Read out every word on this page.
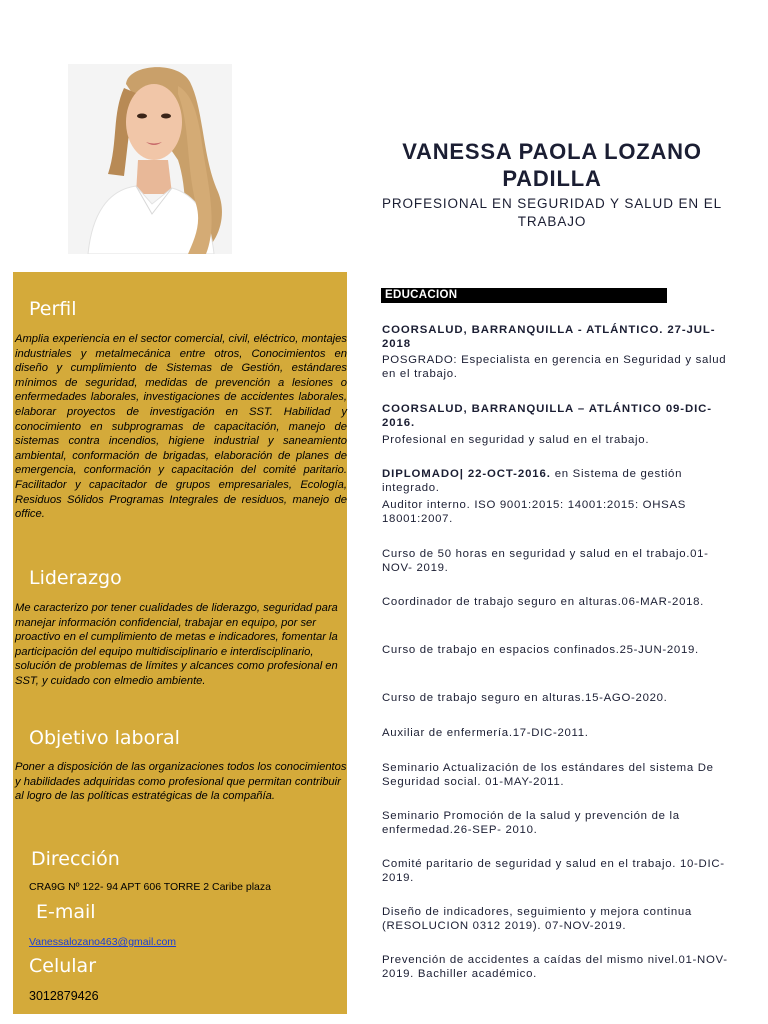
VANESSA PAOLA LOZANO PADILLA
PROFESIONAL EN SEGURIDAD Y SALUD EN EL TRABAJO
Perfil
Amplia experiencia en el sector comercial, civil, eléctrico, montajes industriales y metalmecánica entre otros, Conocimientos en diseño y cumplimiento de Sistemas de Gestión, estándares mínimos de seguridad, medidas de prevención a lesiones o enfermedades laborales, investigaciones de accidentes laborales, elaborar proyectos de investigación en SST. Habilidad y conocimiento en subprogramas de capacitación, manejo de sistemas contra incendios, higiene industrial y saneamiento ambiental, conformación de brigadas, elaboración de planes de emergencia, conformación y capacitación del comité paritario. Facilitador y capacitador de grupos empresariales, Ecología, Residuos Sólidos Programas Integrales de residuos, manejo de office.
Liderazgo
Me caracterizo por tener cualidades de liderazgo, seguridad para manejar información confidencial, trabajar en equipo, por ser proactivo en el cumplimiento de metas e indicadores, fomentar la participación del equipo multidisciplinario e interdisciplinario, solución de problemas de límites y alcances como profesional en SST, y cuidado con elmedio ambiente.
Objetivo laboral
Poner a disposición de las organizaciones todos los conocimientos y habilidades adquiridas como profesional que permitan contribuir al logro de las políticas estratégicas de la compañía.
Dirección
CRA9G Nº 122- 94 APT 606 TORRE 2 Caribe plaza
E-mail
Vanessalozano463@gmail.com
Celular
3012879426
EDUCACION
COORSALUD, BARRANQUILLA - ATLÁNTICO. 27-JUL-2018
POSGRADO: Especialista en gerencia en Seguridad y salud en el trabajo.
COORSALUD, BARRANQUILLA – ATLÁNTICO 09-DIC-2016.
Profesional en seguridad y salud en el trabajo.
DIPLOMADO| 22-OCT-2016. en Sistema de gestión integrado.
Auditor interno. ISO 9001:2015: 14001:2015: OHSAS 18001:2007.
Curso de 50 horas en seguridad y salud en el trabajo.01-NOV- 2019.
Coordinador de trabajo seguro en alturas.06-MAR-2018.
Curso de trabajo en espacios confinados.25-JUN-2019.
Curso de trabajo seguro en alturas.15-AGO-2020.
Auxiliar de enfermería.17-DIC-2011.
Seminario Actualización de los estándares del sistema De Seguridad social. 01-MAY-2011.
Seminario Promoción de la salud y prevención de la enfermedad.26-SEP- 2010.
Comité paritario de seguridad y salud en el trabajo. 10-DIC-2019.
Diseño de indicadores, seguimiento y mejora continua (RESOLUCION 0312 2019). 07-NOV-2019.
Prevención de accidentes a caídas del mismo nivel.01-NOV-2019. Bachiller académico.
